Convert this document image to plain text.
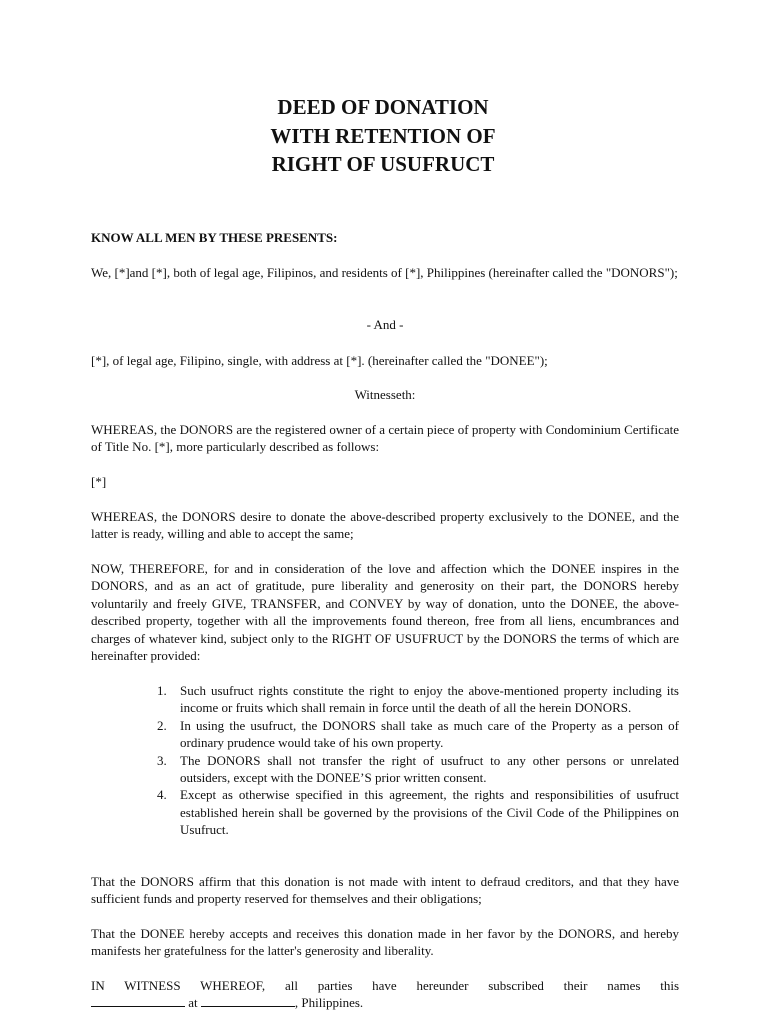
DEED OF DONATION
WITH RETENTION OF
RIGHT OF USUFRUCT

KNOW ALL MEN BY THESE PRESENTS:

We, [*]and [*], both of legal age, Filipinos, and residents of [*], Philippines (hereinafter called the "DONORS");

- And -

[*], of legal age, Filipino, single, with address at [*]. (hereinafter called the "DONEE");

Witnesseth:

WHEREAS, the DONORS are the registered owner of a certain piece of property with Condominium Certificate of Title No. [*], more particularly described as follows:

[*]

WHEREAS, the DONORS desire to donate the above-described property exclusively to the DONEE, and the latter is ready, willing and able to accept the same;

NOW, THEREFORE, for and in consideration of the love and affection which the DONEE inspires in the DONORS, and as an act of gratitude, pure liberality and generosity on their part, the DONORS hereby voluntarily and freely GIVE, TRANSFER, and CONVEY by way of donation, unto the DONEE, the above-described property, together with all the improvements found thereon, free from all liens, encumbrances and charges of whatever kind, subject only to the RIGHT OF USUFRUCT by the DONORS the terms of which are hereinafter provided:

1. Such usufruct rights constitute the right to enjoy the above-mentioned property including its income or fruits which shall remain in force until the death of all the herein DONORS.
2. In using the usufruct, the DONORS shall take as much care of the Property as a person of ordinary prudence would take of his own property.
3. The DONORS shall not transfer the right of usufruct to any other persons or unrelated outsiders, except with the DONEE’S prior written consent.
4. Except as otherwise specified in this agreement, the rights and responsibilities of usufruct established herein shall be governed by the provisions of the Civil Code of the Philippines on Usufruct.

That the DONORS affirm that this donation is not made with intent to defraud creditors, and that they have sufficient funds and property reserved for themselves and their obligations;

That the DONEE hereby accepts and receives this donation made in her favor by the DONORS, and hereby manifests her gratefulness for the latter's generosity and liberality.

IN WITNESS WHEREOF, all parties have hereunder subscribed their names this
at	, Philippines.
